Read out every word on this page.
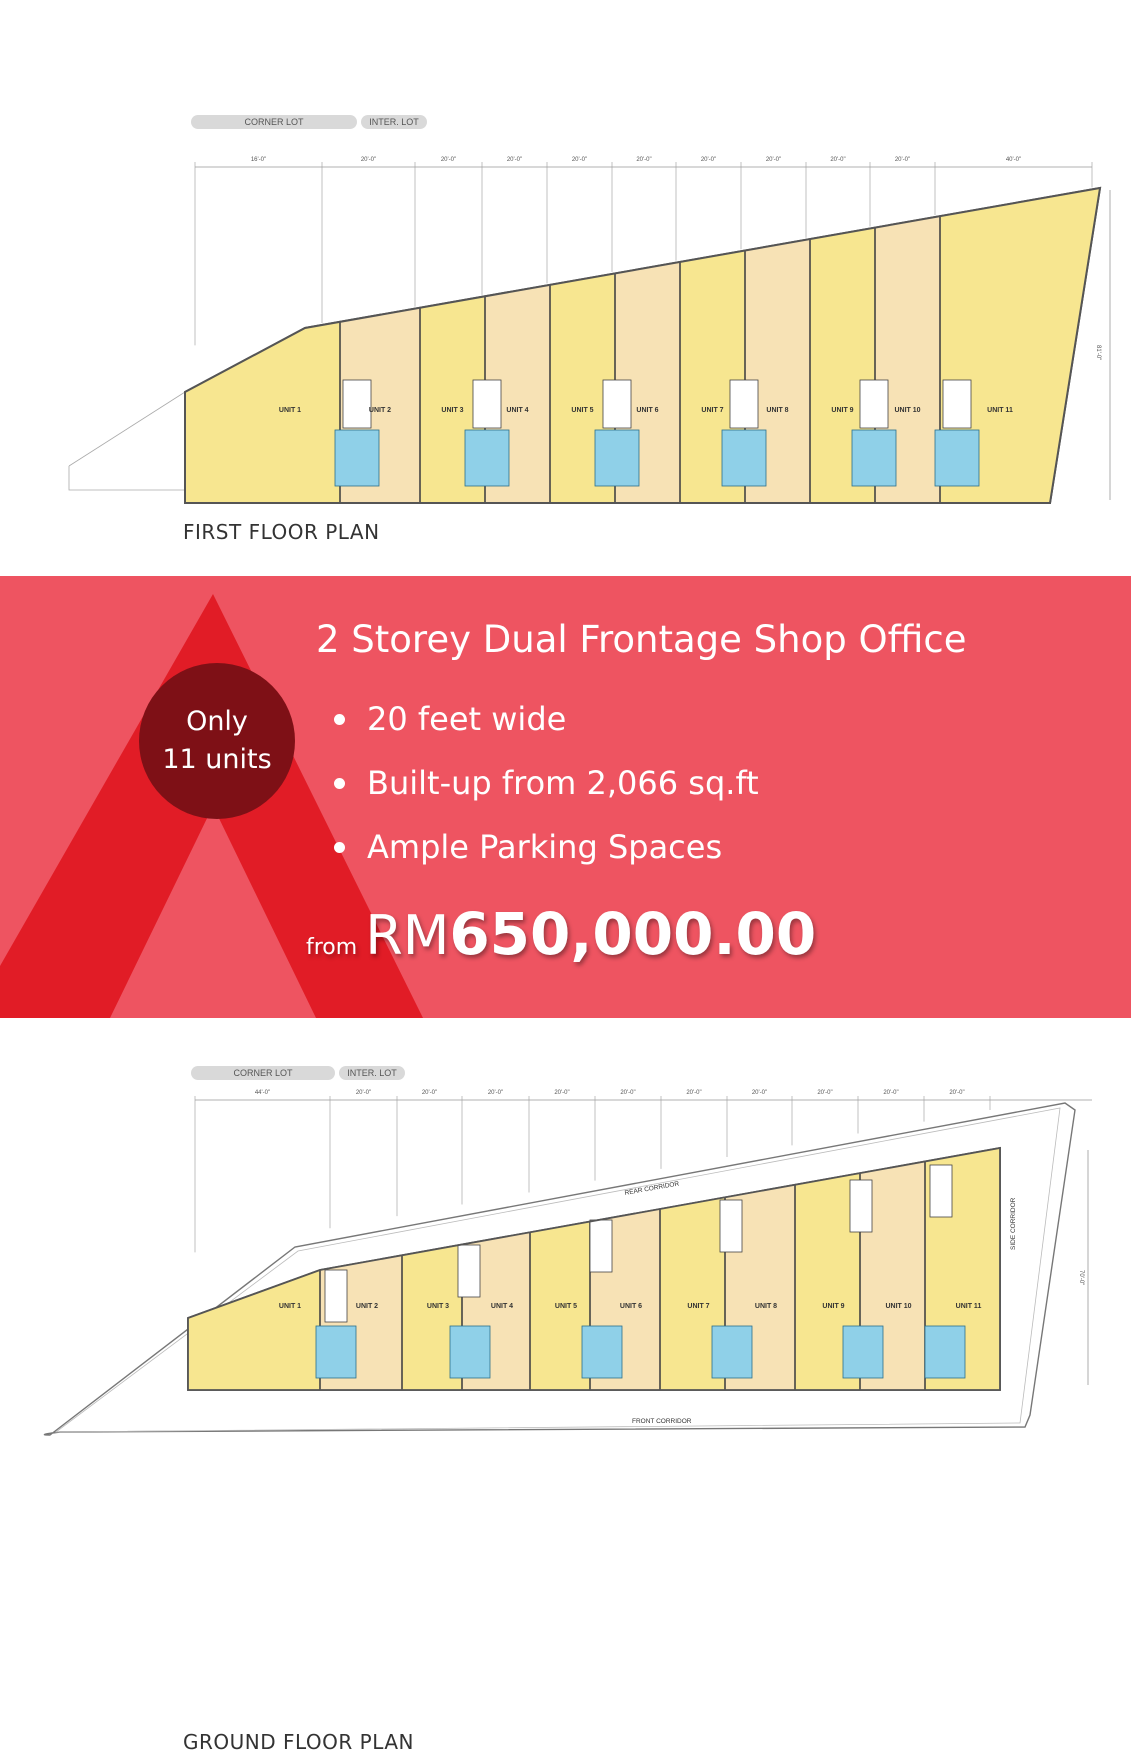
CORNER LOT	INTER. LOT
16'-0"	20'-0"	20'-0"	20'-0"	20'-0"	20'-0"	20'-0"	20'-0"	20'-0"	20'-0"	40'-0"
81'-0"
UNIT 1	UNIT 2	UNIT 3	UNIT 4	UNIT 5	UNIT 6	UNIT 7	UNIT 8	UNIT 9	UNIT 10	UNIT 11
FIRST FLOOR PLAN
Only
11 units
2 Storey Dual Frontage Shop Office
20 feet wide
Built-up from 2,066 sq.ft
Ample Parking Spaces
from RM 650,000.00
CORNER LOT	INTER. LOT
44'-0"	20'-0"	20'-0"	20'-0"	20'-0"	20'-0"	20'-0"	20'-0"	20'-0"	20'-0"	20'-0"
REAR CORRIDOR
FRONT CORRIDOR
SIDE CORRIDOR
70'-0"
UNIT 1	UNIT 2	UNIT 3	UNIT 4	UNIT 5	UNIT 6	UNIT 7	UNIT 8	UNIT 9	UNIT 10	UNIT 11
GROUND FLOOR PLAN
